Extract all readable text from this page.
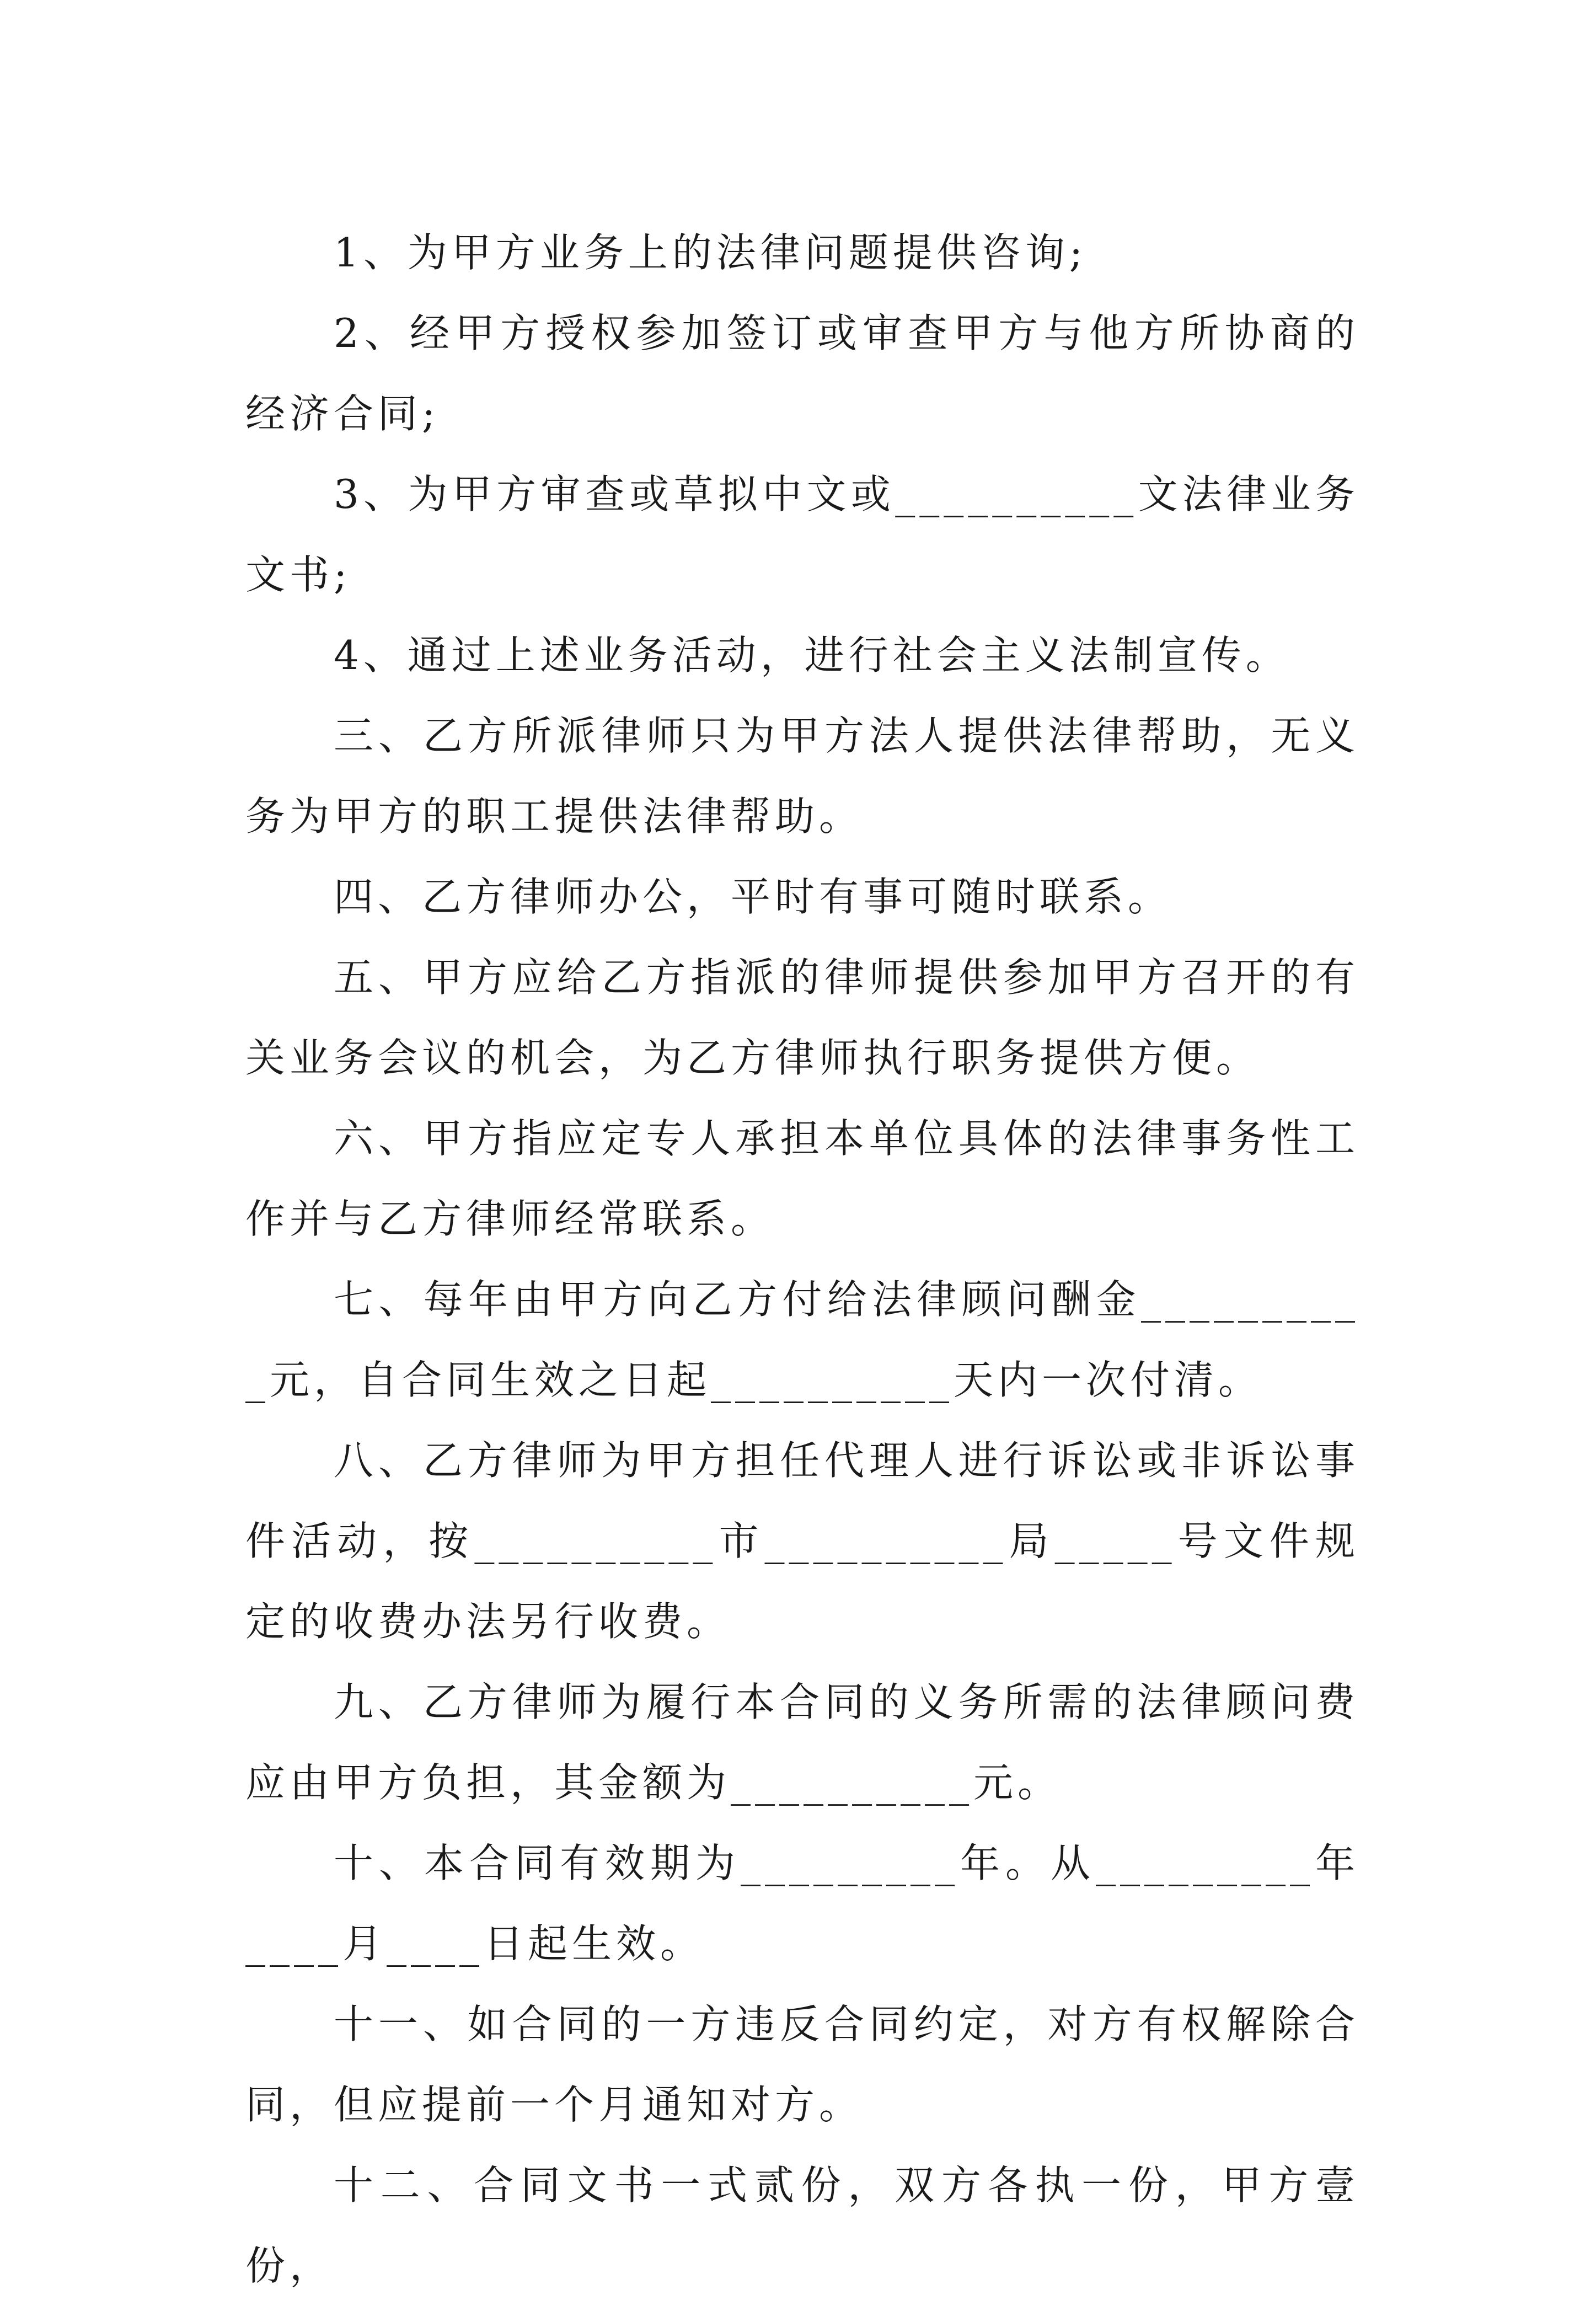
1、为甲方业务上的法律问题提供咨询;

2、经甲方授权参加签订或审查甲方与他方所协商的经济合同;

3、为甲方审查或草拟中文或__________文法律业务文书;

4、通过上述业务活动，进行社会主义法制宣传。

三、乙方所派律师只为甲方法人提供法律帮助，无义务为甲方的职工提供法律帮助。

四、乙方律师办公，平时有事可随时联系。

五、甲方应给乙方指派的律师提供参加甲方召开的有关业务会议的机会，为乙方律师执行职务提供方便。

六、甲方指应定专人承担本单位具体的法律事务性工作并与乙方律师经常联系。

七、每年由甲方向乙方付给法律顾问酬金__________元，自合同生效之日起__________天内一次付清。

八、乙方律师为甲方担任代理人进行诉讼或非诉讼事件活动，按__________市__________局_____号文件规定的收费办法另行收费。

九、乙方律师为履行本合同的义务所需的法律顾问费应由甲方负担，其金额为__________元。

十、本合同有效期为_________年。从_________年____月____日起生效。

十一、如合同的一方违反合同约定，对方有权解除合同，但应提前一个月通知对方。

十二、合同文书一式贰份，双方各执一份，甲方壹份，
